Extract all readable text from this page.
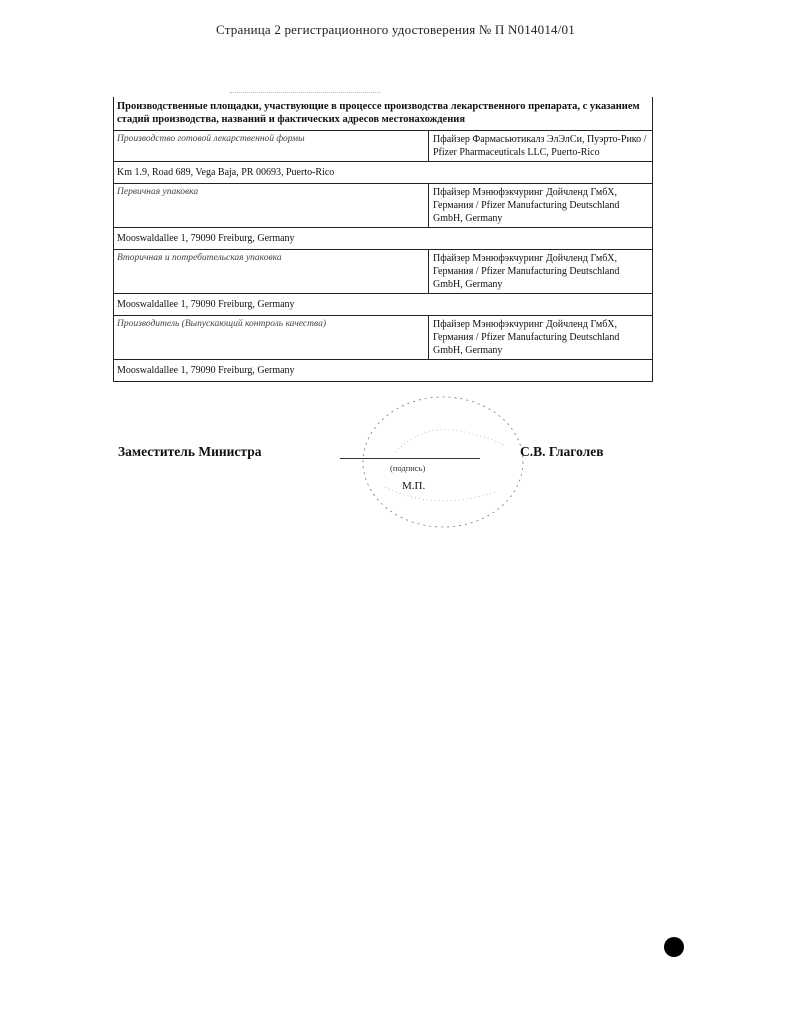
Страница 2 регистрационного удостоверения № П N014014/01
Производственные площадки, участвующие в процессе производства лекарственного препарата, с указанием стадий производства, названий и фактических адресов местонахождения
Производство готовой лекарственной формы	Пфайзер Фармасьютикалз ЭлЭлСи, Пуэрто-Рико / Pfizer Pharmaceuticals LLC, Puerto-Rico
Km 1.9, Road 689, Vega Baja, PR 00693, Puerto-Rico
Первичная упаковка	Пфайзер Мэнюфэкчуринг Дойчленд ГмбХ, Германия / Pfizer Manufacturing Deutschland GmbH, Germany
Mooswaldallee 1, 79090 Freiburg, Germany
Вторичная и потребительская упаковка	Пфайзер Мэнюфэкчуринг Дойчленд ГмбХ, Германия / Pfizer Manufacturing Deutschland GmbH, Germany
Mooswaldallee 1, 79090 Freiburg, Germany
Производитель (Выпускающий контроль качества)	Пфайзер Мэнюфэкчуринг Дойчленд ГмбХ, Германия / Pfizer Manufacturing Deutschland GmbH, Germany
Mooswaldallee 1, 79090 Freiburg, Germany
Заместитель Министра
(подпись)
С.В. Глаголев
М.П.
